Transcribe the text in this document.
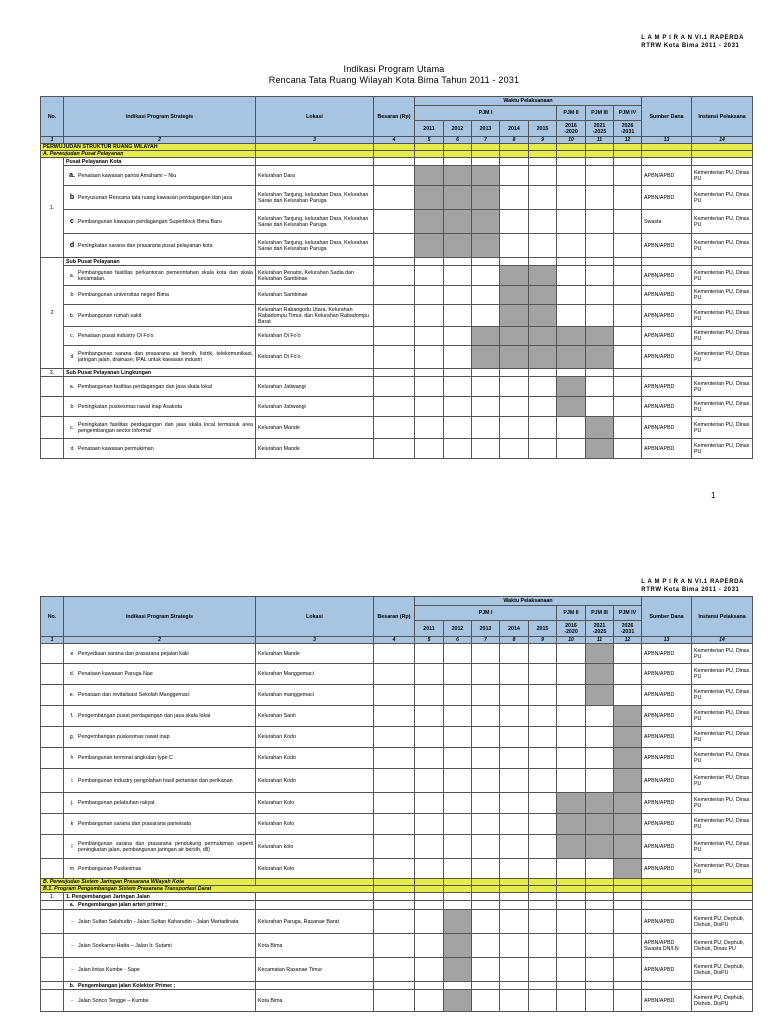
L A M P I R A N VI.1 RAPERDA
RTRW Kota Bima 2011 - 2031
Indikasi Program Utama
Rencana Tata Ruang Wilayah Kota Bima Tahun 2011 - 2031
No.	Indikasi Program Strategis	Lokasi	Besaran (Rp)	Waktu Pelaksanaan								Sumber Dana	Instansi Pelaksana
				PJM I					PJM II	PJM III	PJM IV		
				2011	2012	2013	2014	2015	2016 -2020	2021 -2025	2026 -2031		
1	2	3	4	5	6	7	8	9	10	11	12	13	14
PERWUJUDAN STRUKTUR RUANG WILAYAH													
A. Perwujudan Pusat Pelayanan													
1.	Pusat Pelayanan Kota												

	a. Penataan kawasan pantai Amahami – Niu	Kelurahan Dara										APBN/APBD	Kementerian PU, Dinas PU

	b Penyusunan Rencana tata ruang kawasan perdagangan dan jasa	Kelurahan Tanjung, kelurahan Dara, Kelurahan Sarae dan Kelurahan Paruga										APBN/APBD	Kementerian PU, Dinas PU

	c Pembangunan kawasan perdagangan Superblock Bima Baru	Kelurahan Tanjung, kelurahan Dara, Kelurahan Sarae dan Kelurahan Paruga										Swasta	Kementerian PU, Dinas PU

	d Peningkatan sarana dan prasarana pusat pelayanan kota	Kelurahan Tanjung, kelurahan Dara, Kelurahan Sarae dan Kelurahan Paruga										APBN/APBD	Kementerian PU, Dinas PU
2	Sub Pusat Pelayanan												

	a. Pembangunan fasilitas perkantoran pemerintahan skala kota dan skala kecamatan.	Kelurahan Penatoi, Kelurahan Sadia dan Kelurahan Sambinae										APBN/APBD	Kementerian PU, Dinas PU

	b Pembangunan universitas negeri Bima	Kelurahan Sambinae										APBN/APBD	Kementerian PU, Dinas PU

	b. Pembangunan rumah sakit	Kelurahan Rabangodu Utara, Kelurahan Rabadompu Timur, dan Kelurahan Rabadompu Barat										APBN/APBD	Kementerian PU, Dinas PU

	c. Penataan pusat industry Oi Fo'o	Kelurahan Oi Fo'o										APBN/APBD	Kementerian PU, Dinas PU

	d Pembangunan sarana dan prasarana air bersih, listrik, telekomunikasi, jaringan jalan, drainase, IPAL untuk kawasan industri	Kelurahan Oi Fo'o										APBN/APBD	Kementerian PU, Dinas PU
3.	Sub Pusat Pelayanan Lingkungan												

	a. Pembangunan fasilitas perdagangan dan jasa skala lokal	Kelurahan Jatiwangi										APBN/APBD	Kementerian PU, Dinas PU

	b Peningkatan puskesmas rawat inap Asakota	Kelurahan Jatiwangi										APBN/APBD	Kementerian PU, Dinas PU

	c. Peningkatan fasilitas perdagangan dan jasa skala local termasuk area pengembangan sector informal	Kelurahan Mande										APBN/APBD	Kementerian PU, Dinas PU

	d Penataan kawasan permukiman	Kelurahan Mande										APBN/APBD	Kementerian PU, Dinas PU
1
L A M P I R A N VI.1 RAPERDA
RTRW Kota Bima 2011 - 2031
No.	Indikasi Program Strategis	Lokasi	Besaran (Rp)	Waktu Pelaksanaan								Sumber Dana	Instansi Pelaksana
				PJM I					PJM II	PJM III	PJM IV		
				2011	2012	2013	2014	2015	2016 -2020	2021 -2025	2026 -2031		
1	2	3	4	5	6	7	8	9	10	11	12	13	14

	e Penyediaan sarana dan prasarana pejalan kaki	Kelurahan Mande										APBN/APBD	Kementerian PU, Dinas PU

	d. Penataan kawasan Paruga Nae	Kelurahan Manggemaci										APBN/APBD	Kementerian PU, Dinas PU

	e. Penataan dan revitalisasi Sekolah Manggemaci	Kelurahan manggemaci										APBN/APBD	Kementerian PU, Dinas PU

	f. Pengembangan pusat perdagangan dan jasa skala lokal	Kelurahan Santi										APBN/APBD	Kementerian PU, Dinas PU

	g. Pengembangan puskesmas rawat inap	Kelurahan Kodo										APBN/APBD	Kementerian PU, Dinas PU

	h Pembangunan terminal angkutan type C	Kelurahan Kodo										APBN/APBD	Kementerian PU, Dinas PU

	i Pembangunan industry pengolahan hasil pertanian dan perikanan	Kelurahan Kodo										APBN/APBD	Kementerian PU, Dinas PU

	j. Pembangunan pelabuhan rakyat	Kelurahan Kolo										APBN/APBD	Kementerian PU, Dinas PU

	k Pembangunan sarana dan prasarana pariwisata	Kelurahan Kolo										APBN/APBD	Kementerian PU, Dinas PU

	l Pembangunan sarana dan prasarana pendukung permukiman seperti peningkatan jalan, pembangunan jaringan air bersih, dll)	Kelurahan kolo										APBN/APBD	Kementerian PU, Dinas PU

	m Pembangunan Puskesmas	Kelurahan Kolo										APBN/APBD	Kementerian PU, Dinas PU
B. Perwujudan Sistem Jaringan Prasarana Wilayah Kota													
B.1. Program Pengembangan Sistem Prasarana Transportasi Darat													
1.	1. Pengembangan Jaringan Jalan												

	a. Pengembangan jalan arteri primer ;												

	- Jalan Sultan Salahudin - Jalan Sultan Kaharudin - Jalan Martadinata	Kelurahan Paruga, Rasanae Barat										APBN/APBD	Kement.PU, Dephub, Dishub, DisPU

	- Jalan Soekarno-Hatta – Jalan Ir. Sutami	Kota Bima										APBN/APBD Swasta DN/LN	Kement.PU, Dephub, Dishub, Dinas PU

	- Jalan lintas Kumbe - Sape	Kecamatan Rasanae Timur										APBN/APBD	Kement.PU, Dephub, Dishub, DisPU

	b. Pengembangan jalan Kolektor Primer ;												

	- Jalan Sonco Tengge – Kumbe	Kota Bima										APBN/APBD	Kement.PU, Dephub, Dishub, DisPU
